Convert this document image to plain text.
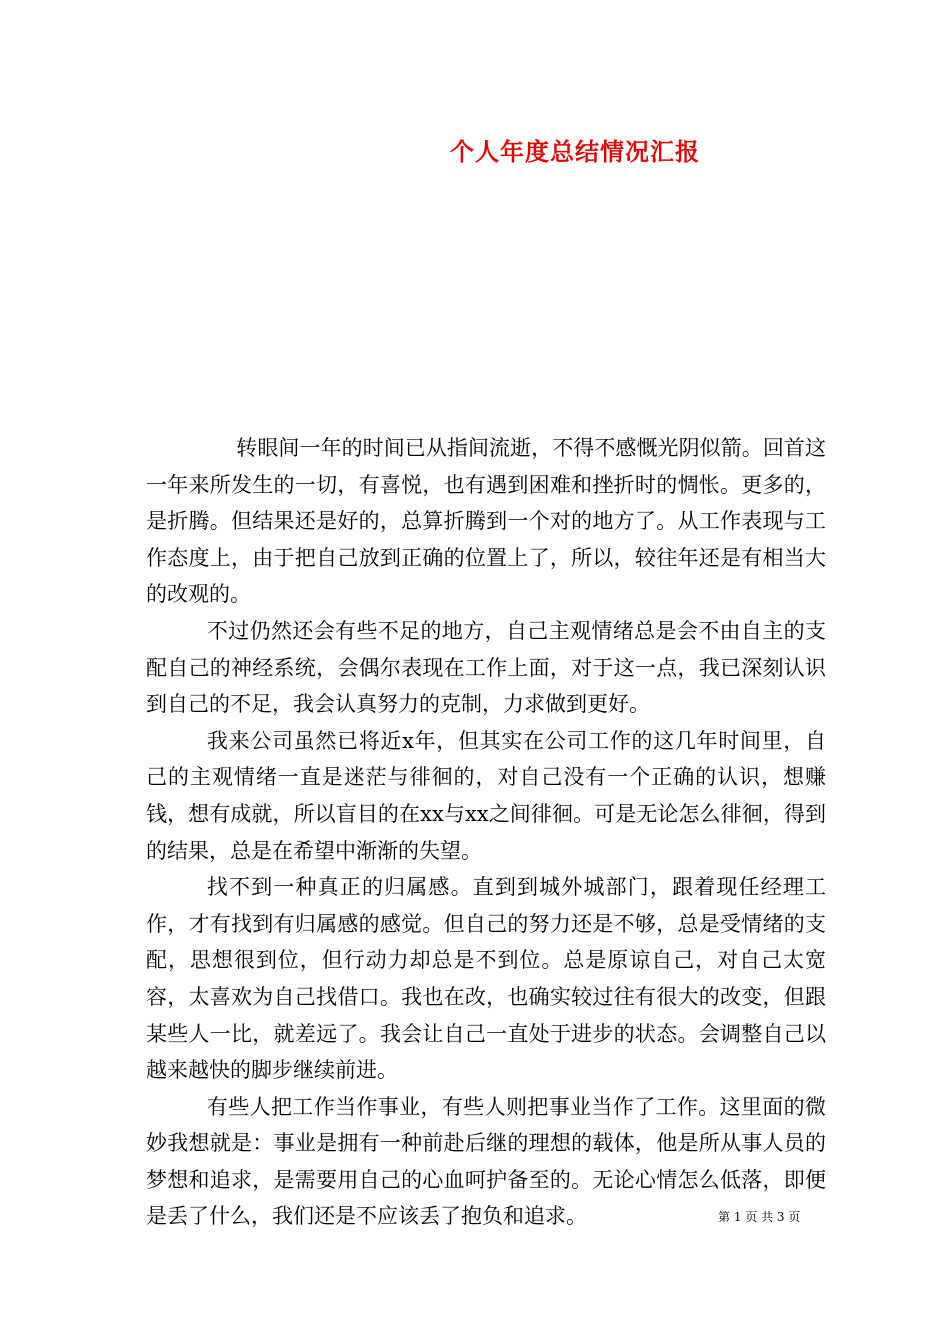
个人年度总结情况汇报

转眼间一年的时间已从指间流逝，不得不感慨光阴似箭。回首这一年来所发生的一切，有喜悦，也有遇到困难和挫折时的惆怅。更多的，是折腾。但结果还是好的，总算折腾到一个对的地方了。从工作表现与工作态度上，由于把自己放到正确的位置上了，所以，较往年还是有相当大的改观的。

不过仍然还会有些不足的地方，自己主观情绪总是会不由自主的支配自己的神经系统，会偶尔表现在工作上面，对于这一点，我已深刻认识到自己的不足，我会认真努力的克制，力求做到更好。

我来公司虽然已将近x年，但其实在公司工作的这几年时间里，自己的主观情绪一直是迷茫与徘徊的，对自己没有一个正确的认识，想赚钱，想有成就，所以盲目的在xx与xx之间徘徊。可是无论怎么徘徊，得到的结果，总是在希望中渐渐的失望。

找不到一种真正的归属感。直到到城外城部门，跟着现任经理工作，才有找到有归属感的感觉。但自己的努力还是不够，总是受情绪的支配，思想很到位，但行动力却总是不到位。总是原谅自己，对自己太宽容，太喜欢为自己找借口。我也在改，也确实较过往有很大的改变，但跟某些人一比，就差远了。我会让自己一直处于进步的状态。会调整自己以越来越快的脚步继续前进。

有些人把工作当作事业，有些人则把事业当作了工作。这里面的微妙我想就是：事业是拥有一种前赴后继的理想的载体，他是所从事人员的梦想和追求，是需要用自己的心血呵护备至的。无论心情怎么低落，即便是丢了什么，我们还是不应该丢了抱负和追求。	第 1 页 共 3 页
